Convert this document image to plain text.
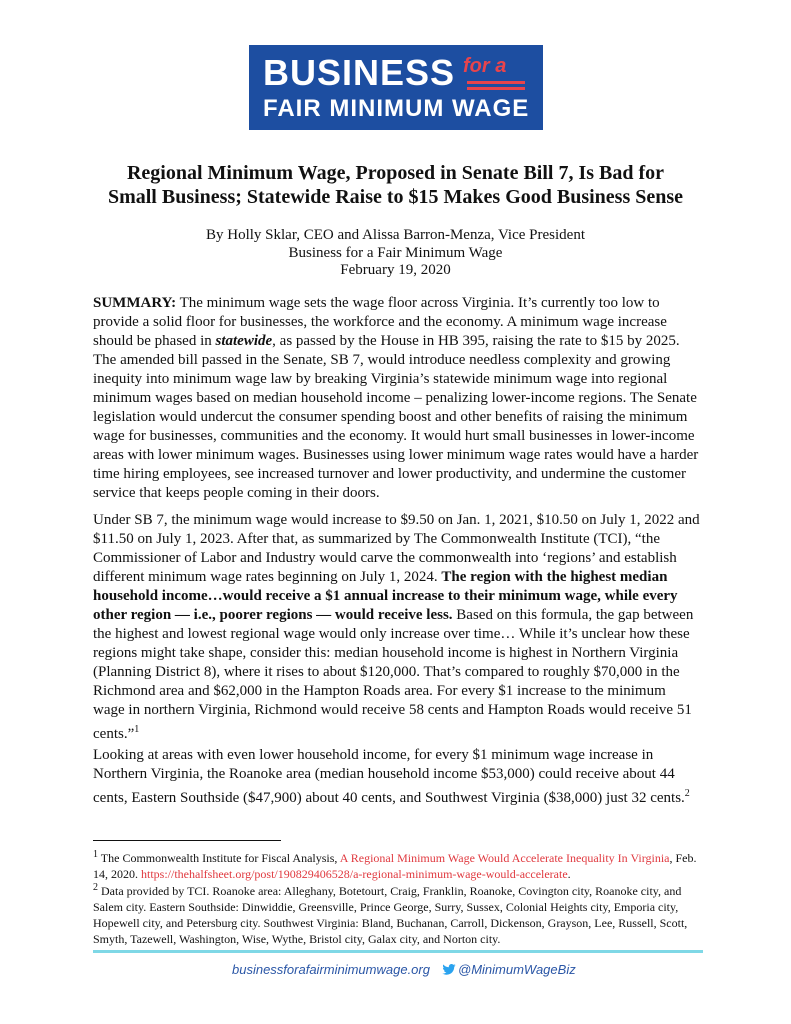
BUSINESS for a
FAIR MINIMUM WAGE
Regional Minimum Wage, Proposed in Senate Bill 7, Is Bad for
Small Business; Statewide Raise to $15 Makes Good Business Sense
By Holly Sklar, CEO and Alissa Barron-Menza, Vice President
Business for a Fair Minimum Wage
February 19, 2020

SUMMARY: The minimum wage sets the wage floor across Virginia. It’s currently too low to provide a solid floor for businesses, the workforce and the economy. A minimum wage increase should be phased in statewide, as passed by the House in HB 395, raising the rate to $15 by 2025. The amended bill passed in the Senate, SB 7, would introduce needless complexity and growing inequity into minimum wage law by breaking Virginia’s statewide minimum wage into regional minimum wages based on median household income – penalizing lower-income regions. The Senate legislation would undercut the consumer spending boost and other benefits of raising the minimum wage for businesses, communities and the economy. It would hurt small businesses in lower-income areas with lower minimum wages. Businesses using lower minimum wage rates would have a harder time hiring employees, see increased turnover and lower productivity, and undermine the customer service that keeps people coming in their doors.

Under SB 7, the minimum wage would increase to $9.50 on Jan. 1, 2021, $10.50 on July 1, 2022 and $11.50 on July 1, 2023. After that, as summarized by The Commonwealth Institute (TCI), “the Commissioner of Labor and Industry would carve the commonwealth into ‘regions’ and establish different minimum wage rates beginning on July 1, 2024. The region with the highest median household income…would receive a $1 annual increase to their minimum wage, while every other region — i.e., poorer regions — would receive less. Based on this formula, the gap between the highest and lowest regional wage would only increase over time… While it’s unclear how these regions might take shape, consider this: median household income is highest in Northern Virginia (Planning District 8), where it rises to about $120,000. That’s compared to roughly $70,000 in the Richmond area and $62,000 in the Hampton Roads area. For every $1 increase to the minimum wage in northern Virginia, Richmond would receive 58 cents and Hampton Roads would receive 51 cents.”$^1$

Looking at areas with even lower household income, for every $1 minimum wage increase in Northern Virginia, the Roanoke area (median household income $53,000) could receive about 44 cents, Eastern Southside ($47,900) about 40 cents, and Southwest Virginia ($38,000) just 32 cents.$^2$

$^1$ The Commonwealth Institute for Fiscal Analysis, A Regional Minimum Wage Would Accelerate Inequality In Virginia, Feb. 14, 2020. https://thehalfsheet.org/post/190829406528/a-regional-minimum-wage-would-accelerate.

$^2$ Data provided by TCI. Roanoke area: Alleghany, Botetourt, Craig, Franklin, Roanoke, Covington city, Roanoke city, and Salem city. Eastern Southside: Dinwiddie, Greensville, Prince George, Surry, Sussex, Colonial Heights city, Emporia city, Hopewell city, and Petersburg city. Southwest Virginia: Bland, Buchanan, Carroll, Dickenson, Grayson, Lee, Russell, Scott, Smyth, Tazewell, Washington, Wise, Wythe, Bristol city, Galax city, and Norton city.

businessforafairminimumwage.org	@MinimumWageBiz
